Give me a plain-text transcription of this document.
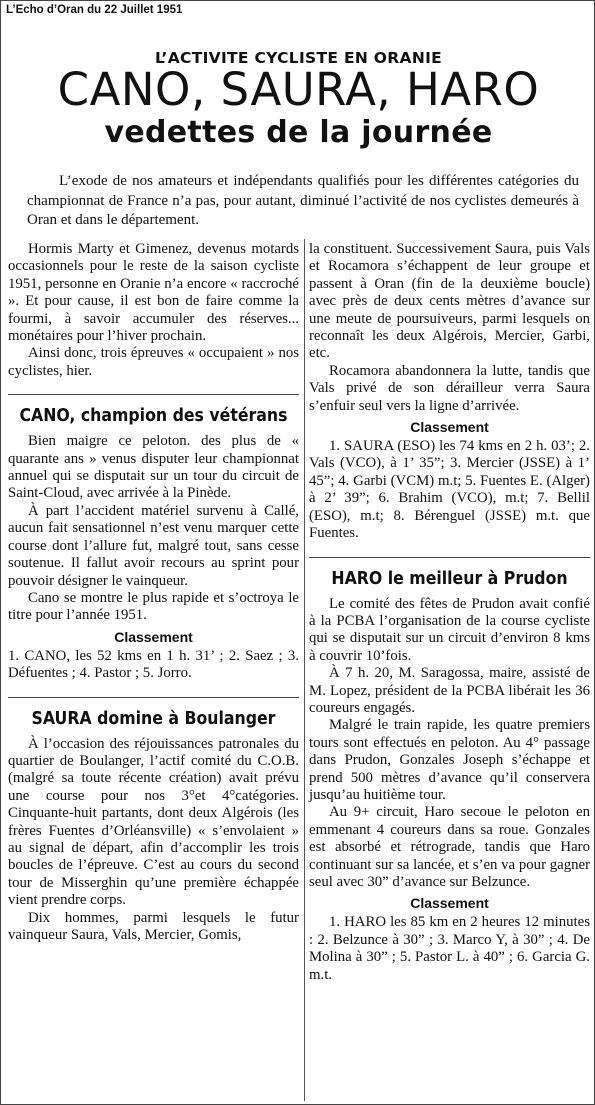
L’Echo d’Oran du 22 Juillet 1951
L’ACTIVITE CYCLISTE EN ORANIE
CANO, SAURA, HARO
vedettes de la journée

L’exode de nos amateurs et indépendants qualifiés pour les différentes catégories du championnat de France n’a pas, pour autant, diminué l’activité de nos cyclistes demeurés à Oran et dans le département.

Hormis Marty et Gimenez, devenus motards occasionnels pour le reste de la saison cycliste 1951, personne en Oranie n’a encore « raccroché ». Et pour cause, il est bon de faire comme la fourmi, à savoir accumuler des réserves... monétaires pour l’hiver prochain.

Ainsi donc, trois épreuves « occupaient » nos cyclistes, hier.

CANO, champion des vétérans

Bien maigre ce peloton. des plus de « quarante ans » venus disputer leur championnat annuel qui se disputait sur un tour du circuit de Saint-Cloud, avec arrivée à la Pinède.

À part l’accident matériel survenu à Callé, aucun fait sensationnel n’est venu marquer cette course dont l’allure fut, malgré tout, sans cesse soutenue. Il fallut avoir recours au sprint pour pouvoir désigner le vainqueur.

Cano se montre le plus rapide et s’octroya le titre pour l’année 1951.

Classement

1. CANO, les 52 kms en 1 h. 31’ ; 2. Saez ; 3. Défuentes ; 4. Pastor ; 5. Jorro.

SAURA domine à Boulanger

À l’occasion des réjouissances patronales du quartier de Boulanger, l’actif comité du C.O.B. (malgré sa toute récente création) avait prévu une course pour nos 3°et 4°catégories. Cinquante-huit partants, dont deux Algérois (les frères Fuentes d’Orléansville) « s’envolaient » au signal de départ, afin d’accomplir les trois boucles de l’épreuve. C’est au cours du second tour de Misserghin qu’une première échappée vient prendre corps.

Dix hommes, parmi lesquels le futur vainqueur Saura, Vals, Mercier, Gomis,

la constituent. Successivement Saura, puis Vals et Rocamora s’échappent de leur groupe et passent à Oran (fin de la deuxième boucle) avec près de deux cents mètres d’avance sur une meute de poursuiveurs, parmi lesquels on reconnaît les deux Algérois, Mercier, Garbi, etc.

Rocamora abandonnera la lutte, tandis que Vals privé de son dérailleur verra Saura s’enfuir seul vers la ligne d’arrivée.

Classement

1. SAURA (ESO) les 74 kms en 2 h. 03’; 2. Vals (VCO), à 1’ 35”; 3. Mercier (JSSE) à 1’ 45”; 4. Garbi (VCM) m.t; 5. Fuentes E. (Alger) à 2’ 39”; 6. Brahim (VCO), m.t; 7. Bellil (ESO), m.t; 8. Bérenguel (JSSE) m.t. que Fuentes.

HARO le meilleur à Prudon

Le comité des fêtes de Prudon avait confié à la PCBA l’organisation de la course cycliste qui se disputait sur un circuit d’environ 8 kms à couvrir 10’fois.

À 7 h. 20, M. Saragossa, maire, assisté de M. Lopez, président de la PCBA libérait les 36 coureurs engagés.

Malgré le train rapide, les quatre premiers tours sont effectués en peloton. Au 4° passage dans Prudon, Gonzales Joseph s’échappe et prend 500 mètres d’avance qu’il conservera jusqu’au huitième tour.

Au 9+ circuit, Haro secoue le peloton en emmenant 4 coureurs dans sa roue. Gonzales est absorbé et rétrograde, tandis que Haro continuant sur sa lancée, et s’en va pour gagner seul avec 30” d’avance sur Belzunce.

Classement

1. HARO les 85 km en 2 heures 12 minutes : 2. Belzunce à 30” ; 3. Marco Y, à 30” ; 4. De Molina à 30” ; 5. Pastor L. à 40” ; 6. Garcia G. m.t.
